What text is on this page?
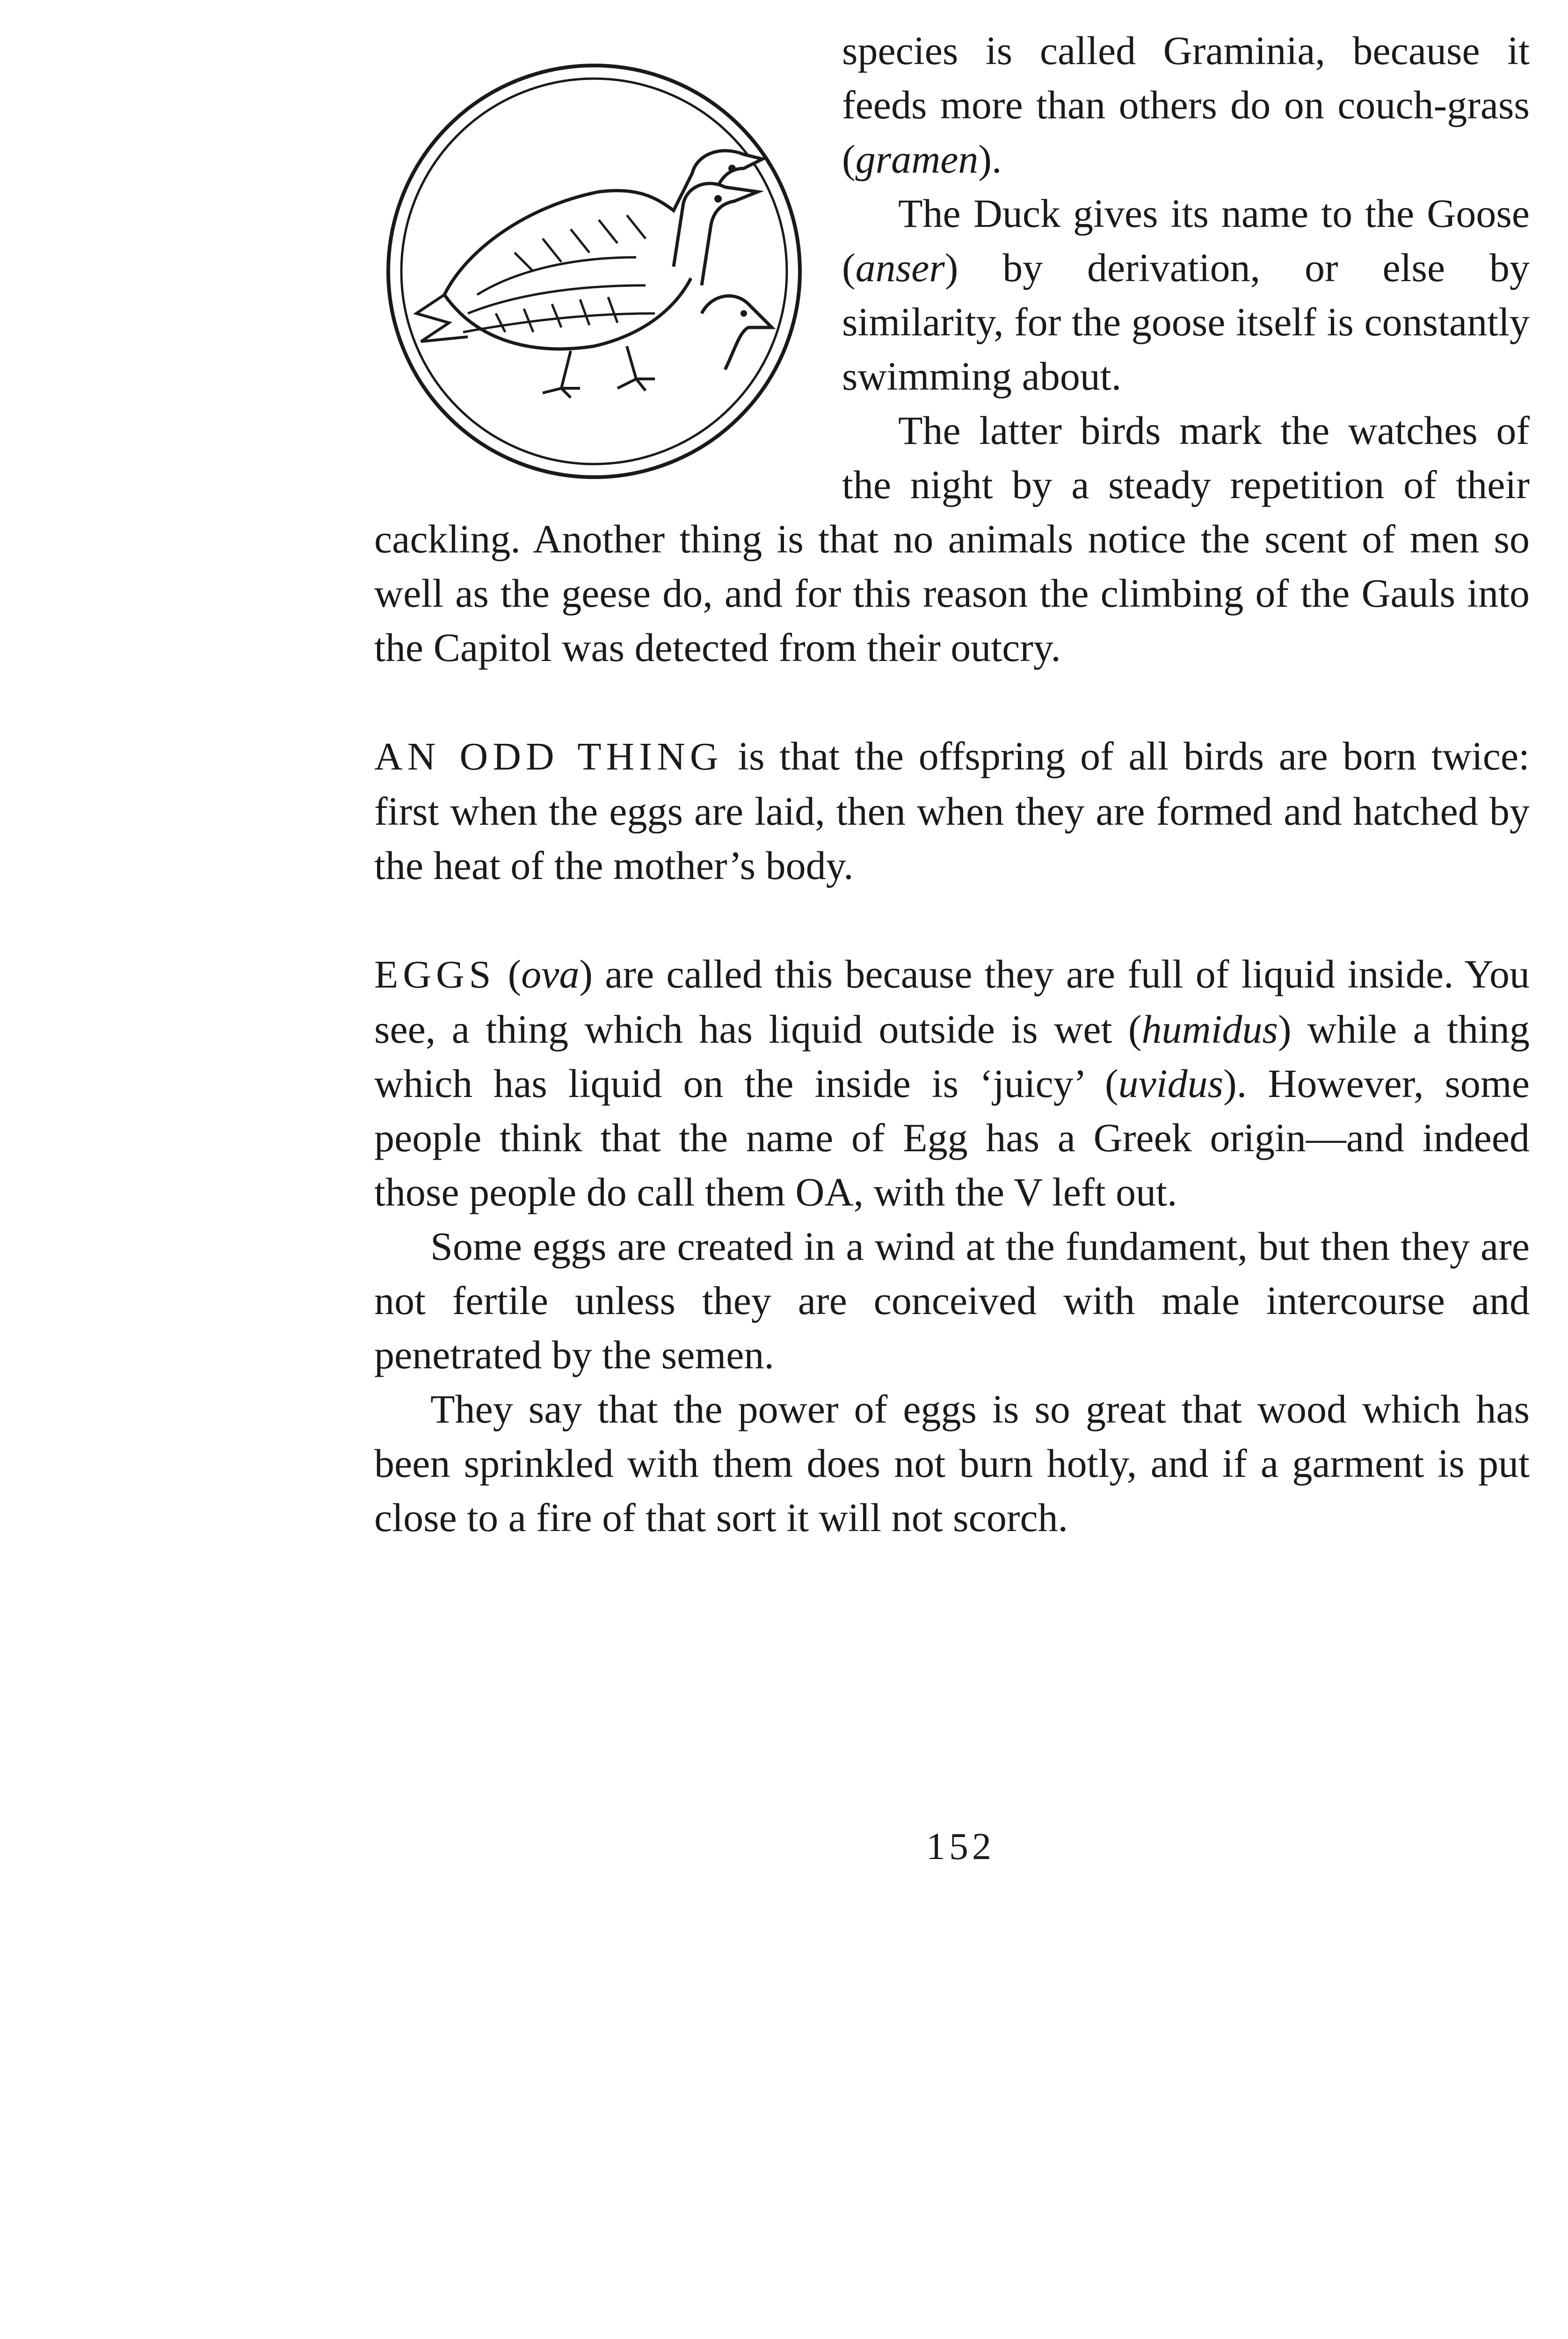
species is called Graminia, because it feeds more than others do on couch-grass (gramen).

The Duck gives its name to the Goose (anser) by derivation, or else by similarity, for the goose itself is constantly swimming about.

The latter birds mark the watches of the night by a steady repetition of their cackling. Another thing is that no animals notice the scent of men so well as the geese do, and for this reason the climbing of the Gauls into the Capitol was detected from their outcry.

AN ODD THING is that the offspring of all birds are born twice: first when the eggs are laid, then when they are formed and hatched by the heat of the mother’s body.

EGGS (ova) are called this because they are full of liquid inside. You see, a thing which has liquid outside is wet (humidus) while a thing which has liquid on the inside is ‘juicy’ (uvidus). However, some people think that the name of Egg has a Greek origin—and indeed those people do call them OA, with the V left out.

Some eggs are created in a wind at the fundament, but then they are not fertile unless they are conceived with male intercourse and penetrated by the semen.

They say that the power of eggs is so great that wood which has been sprinkled with them does not burn hotly, and if a garment is put close to a fire of that sort it will not scorch.

152
